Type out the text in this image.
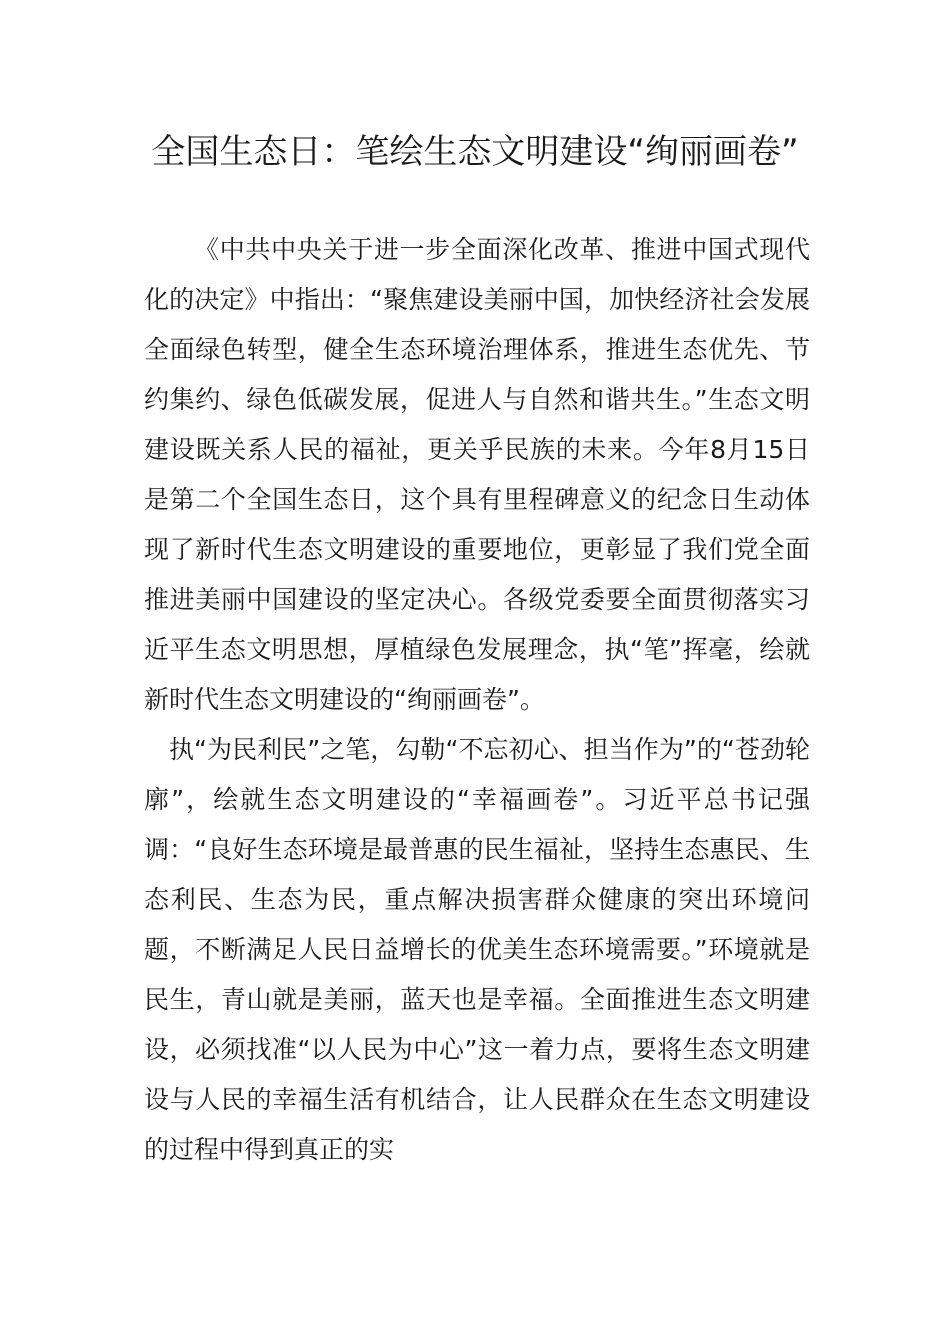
全国生态日：笔绘生态文明建设“绚丽画卷”

《中共中央关于进一步全面深化改革、推进中国式现代化的决定》中指出：“聚焦建设美丽中国，加快经济社会发展全面绿色转型，健全生态环境治理体系，推进生态优先、节约集约、绿色低碳发展，促进人与自然和谐共生。”生态文明建设既关系人民的福祉，更关乎民族的未来。今年8月15日是第二个全国生态日，这个具有里程碑意义的纪念日生动体现了新时代生态文明建设的重要地位，更彰显了我们党全面推进美丽中国建设的坚定决心。各级党委要全面贯彻落实习近平生态文明思想，厚植绿色发展理念，执“笔”挥毫，绘就新时代生态文明建设的“绚丽画卷”。

执“为民利民”之笔，勾勒“不忘初心、担当作为”的“苍劲轮廓”，绘就生态文明建设的“幸福画卷”。习近平总书记强调：“良好生态环境是最普惠的民生福祉，坚持生态惠民、生态利民、生态为民，重点解决损害群众健康的突出环境问题，不断满足人民日益增长的优美生态环境需要。”环境就是民生，青山就是美丽，蓝天也是幸福。全面推进生态文明建设，必须找准“以人民为中心”这一着力点，要将生态文明建设与人民的幸福生活有机结合，让人民群众在生态文明建设的过程中得到真正的实
